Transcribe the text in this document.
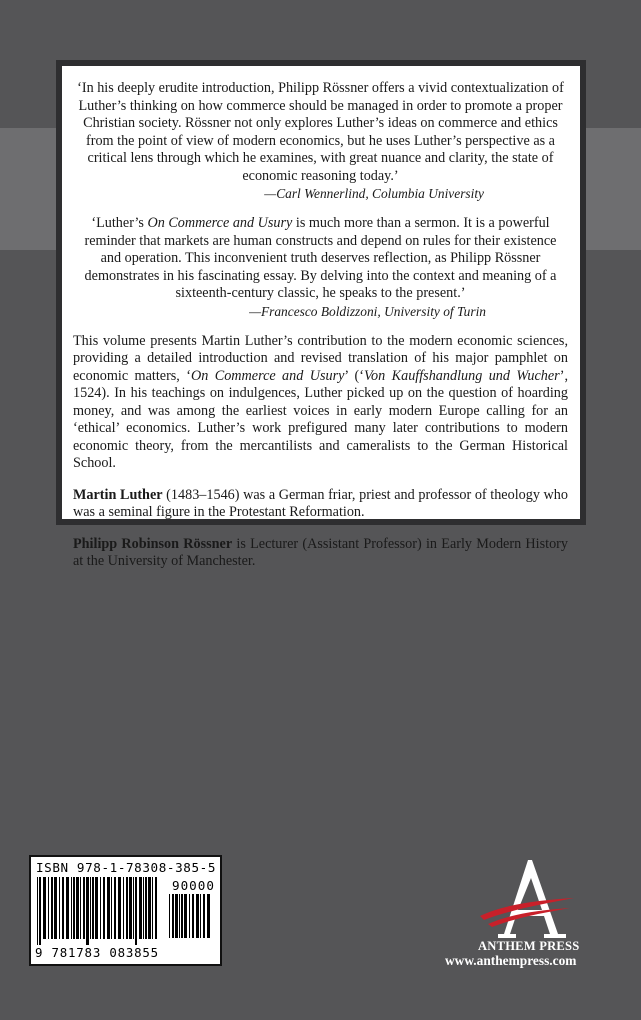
‘In his deeply erudite introduction, Philipp Rössner offers a vivid contextualization of Luther’s thinking on how commerce should be managed in order to promote a proper Christian society. Rössner not only explores Luther’s ideas on commerce and ethics from the point of view of modern economics, but he uses Luther’s perspective as a critical lens through which he examines, with great nuance and clarity, the state of economic reasoning today.’
—Carl Wennerlind, Columbia University

‘Luther’s On Commerce and Usury is much more than a sermon. It is a powerful reminder that markets are human constructs and depend on rules for their existence and operation. This inconvenient truth deserves reflection, as Philipp Rössner demonstrates in his fascinating essay. By delving into the context and meaning of a sixteenth-century classic, he speaks to the present.’
—Francesco Boldizzoni, University of Turin

This volume presents Martin Luther’s contribution to the modern economic sciences, providing a detailed introduction and revised translation of his major pamphlet on economic matters, ‘On Commerce and Usury’ (‘Von Kauffshandlung und Wucher’, 1524). In his teachings on indulgences, Luther picked up on the question of hoarding money, and was among the earliest voices in early modern Europe calling for an ‘ethical’ economics. Luther’s work prefigured many later contributions to modern economic theory, from the mercantilists and cameralists to the German Historical School.

Martin Luther (1483–1546) was a German friar, priest and professor of theology who was a seminal figure in the Protestant Reformation.

Philipp Robinson Rössner is Lecturer (Assistant Professor) in Early Modern History at the University of Manchester.

ISBN 978-1-78308-385-5
90000
9 781783 083855	ANTHEM PRESS
www.anthempress.com
